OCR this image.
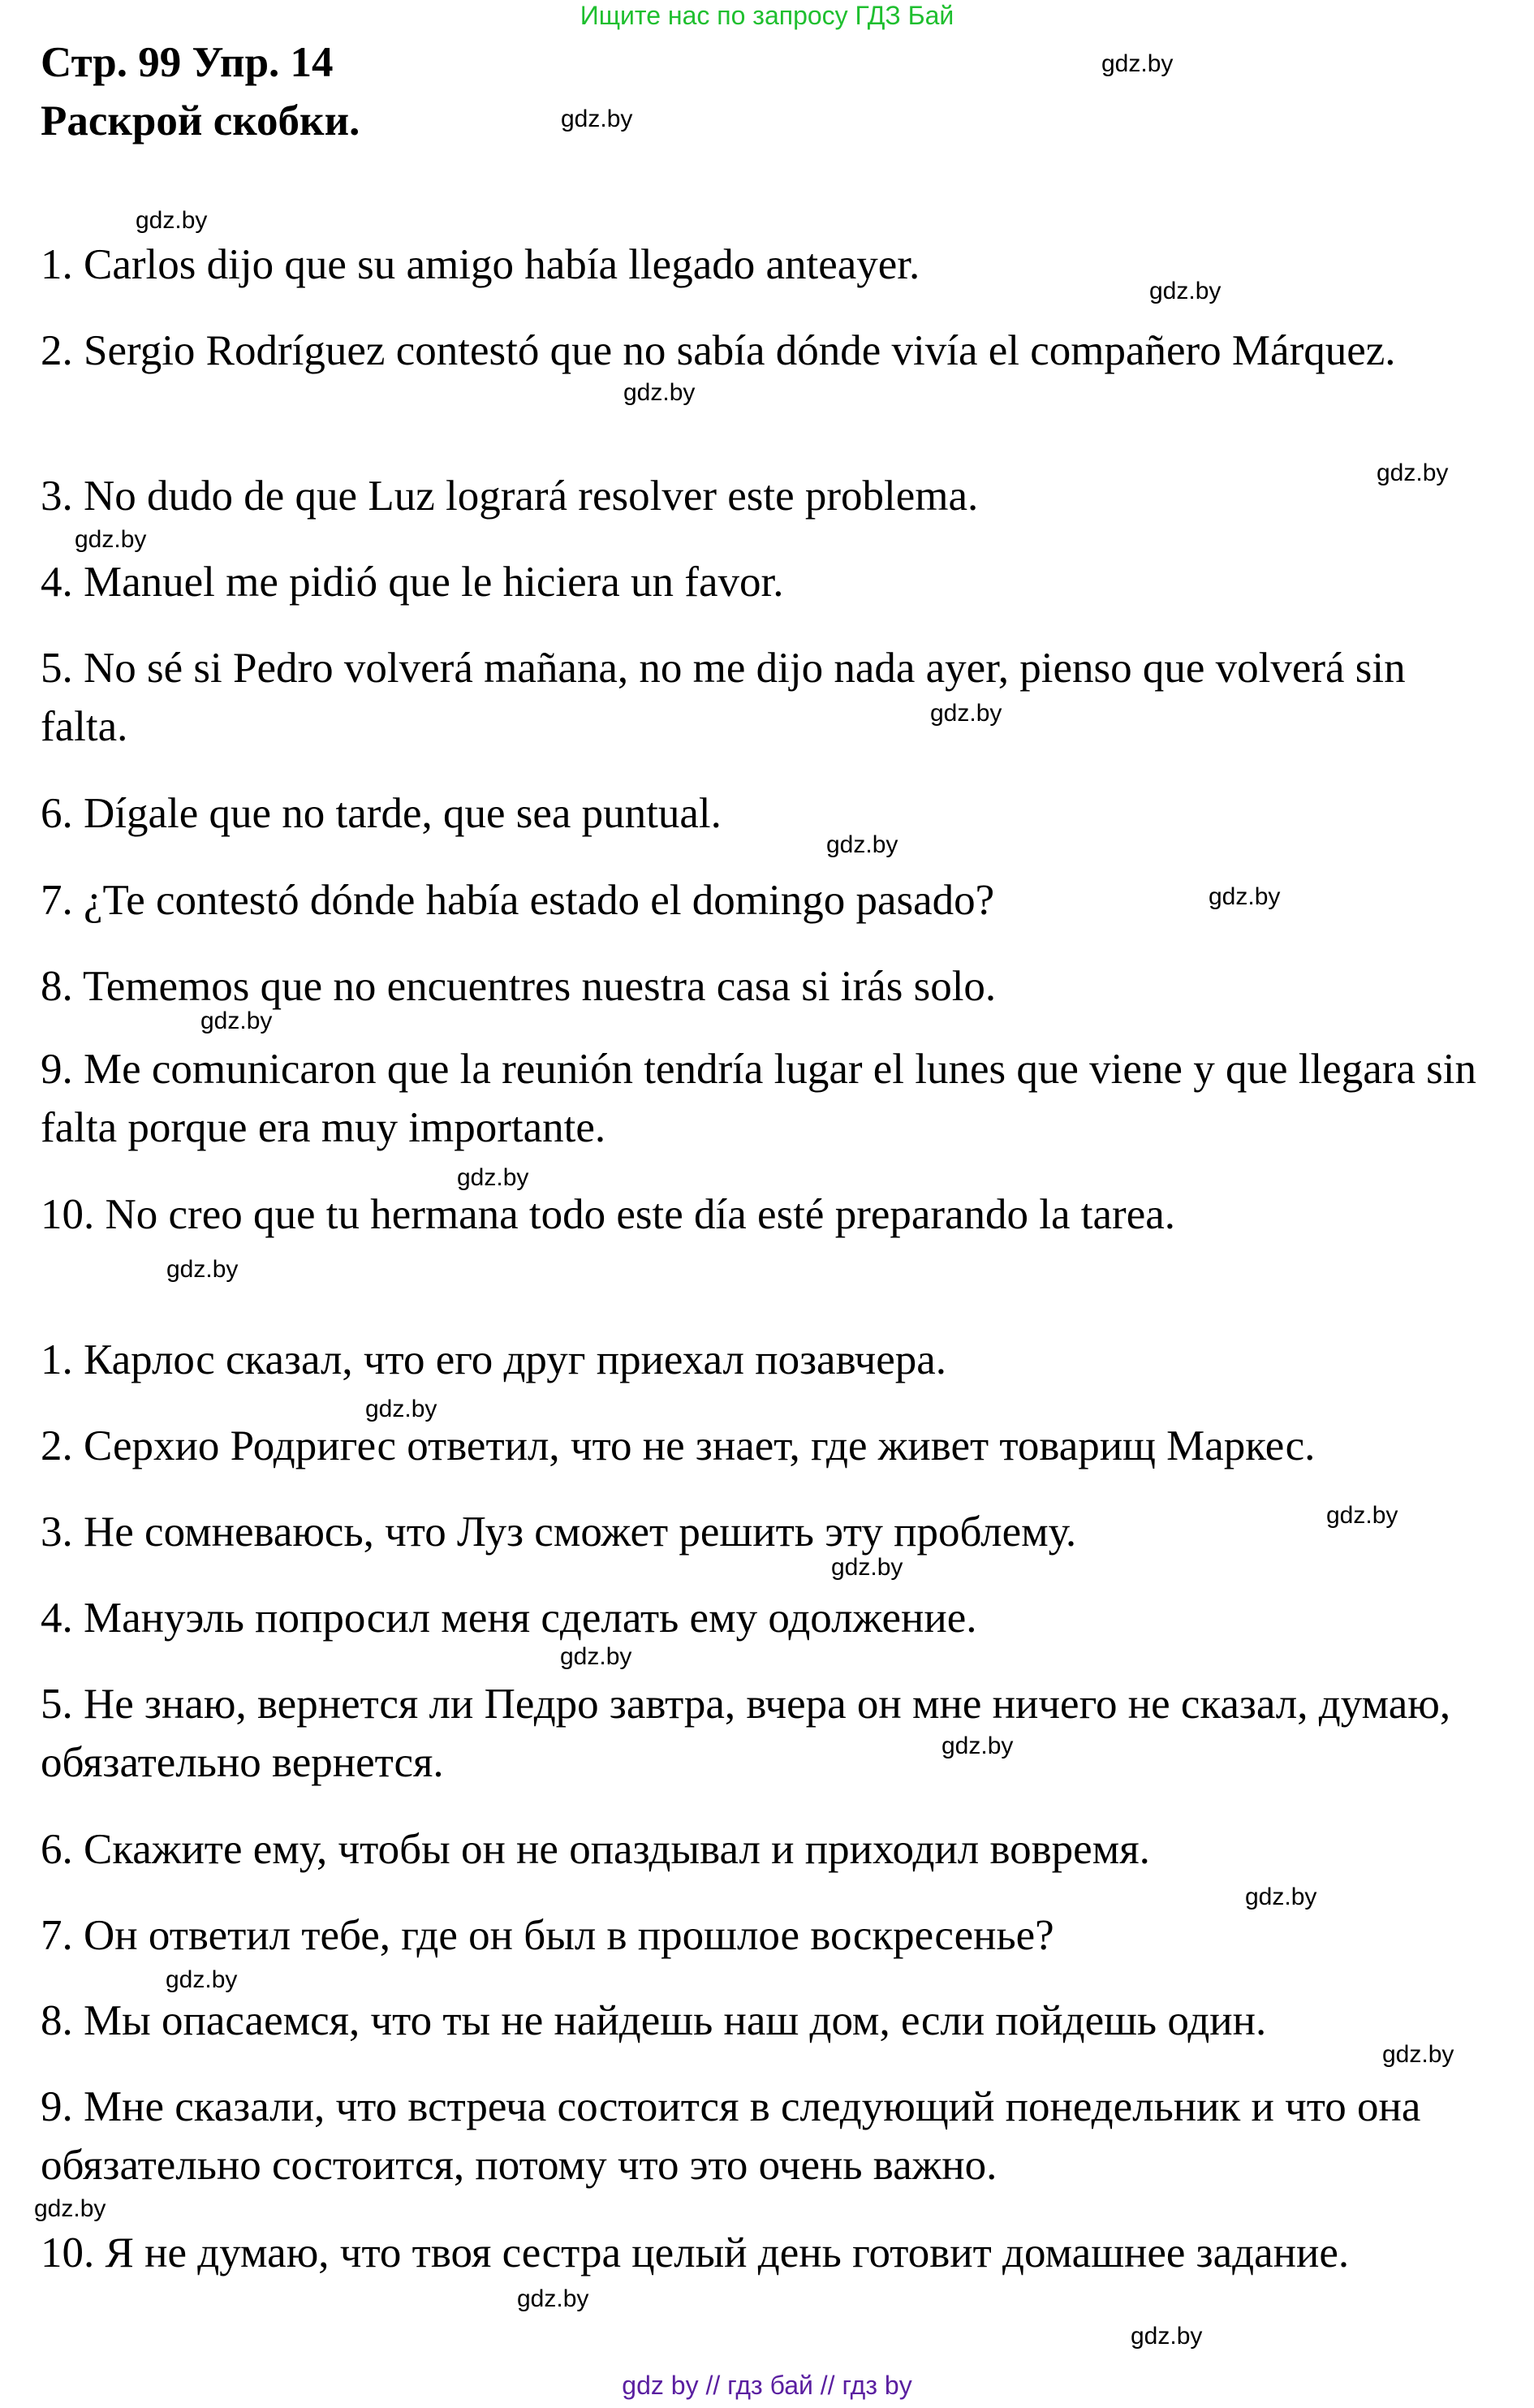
Ищите нас по запросу ГДЗ Бай
Стр. 99 Упр. 14
Раскрой скобки.
1. Carlos dijo que su amigo había llegado anteayer.
2. Sergio Rodríguez contestó que no sabía dónde vivía el compañero Márquez.
3. No dudo de que Luz logrará resolver este problema.
4. Manuel me pidió que le hiciera un favor.
5. No sé si Pedro volverá mañana, no me dijo nada ayer, pienso que volverá sin falta.
6. Dígale que no tarde, que sea puntual.
7. ¿Te contestó dónde había estado el domingo pasado?
8. Tememos que no encuentres nuestra casa si irás solo.
9. Me comunicaron que la reunión tendría lugar el lunes que viene y que llegara sin falta porque era muy importante.
10. No creo que tu hermana todo este día esté preparando la tarea.
1. Карлос сказал, что его друг приехал позавчера.
2. Серхио Родригес ответил, что не знает, где живет товарищ Маркес.
3. Не сомневаюсь, что Луз сможет решить эту проблему.
4. Мануэль попросил меня сделать ему одолжение.
5. Не знаю, вернется ли Педро завтра, вчера он мне ничего не сказал, думаю, обязательно вернется.
6. Скажите ему, чтобы он не опаздывал и приходил вовремя.
7. Он ответил тебе, где он был в прошлое воскресенье?
8. Мы опасаемся, что ты не найдешь наш дом, если пойдешь один.
9. Мне сказали, что встреча состоится в следующий понедельник и что она обязательно состоится, потому что это очень важно.
10. Я не думаю, что твоя сестра целый день готовит домашнее задание.
gdz.by
gdz.by
gdz.by
gdz.by
gdz.by
gdz.by
gdz.by
gdz.by
gdz.by
gdz.by
gdz.by
gdz.by
gdz.by
gdz.by
gdz.by
gdz.by
gdz.by
gdz.by
gdz.by
gdz.by
gdz.by
gdz.by
gdz.by
gdz.by
gdz by // гдз бай // гдз by
